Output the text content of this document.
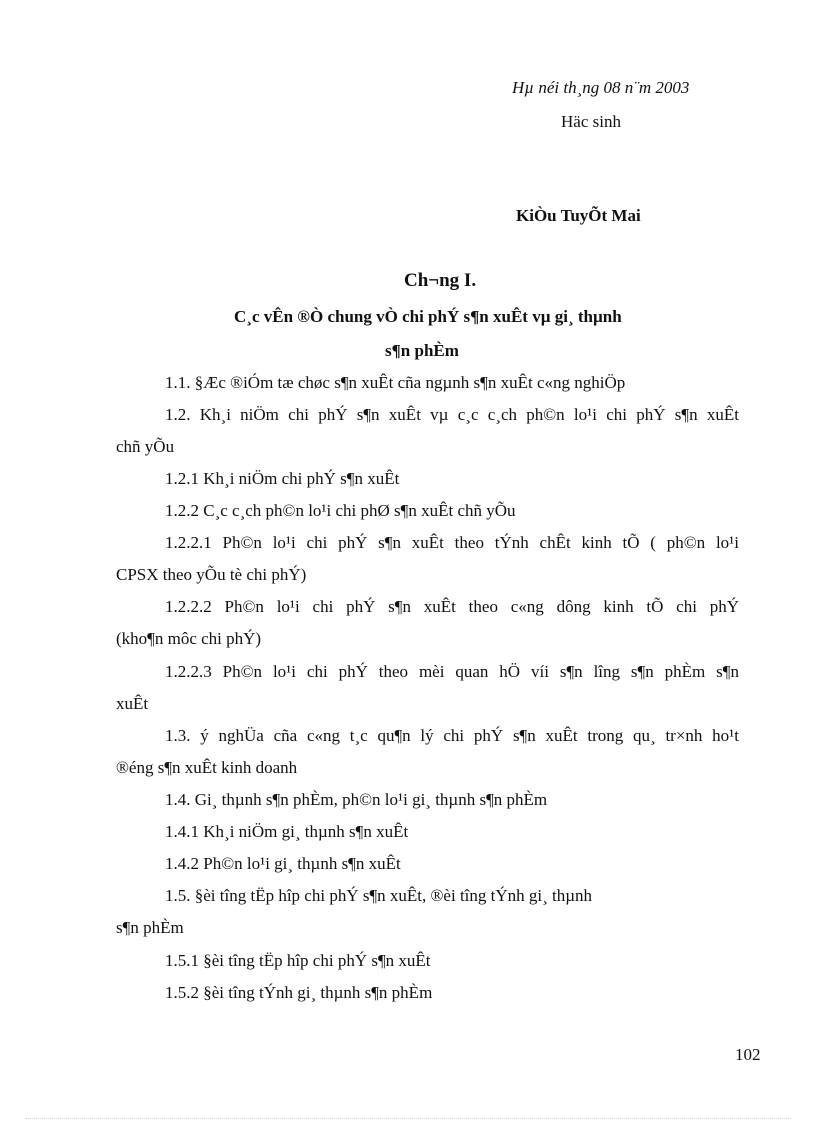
Hµ néi th¸ng 08 n¨m 2003
Häc sinh
KiÒu TuyÕt Mai
Ch¬ng I.
C¸c vÊn ®Ò chung vÒ chi phÝ s¶n xuÊt vµ gi¸ thµnh
s¶n phÈm
1.1. §Æc ®iÓm tæ chøc s¶n xuÊt cña ngµnh s¶n xuÊt c«ng nghiÖp
1.2. Kh¸i niÖm chi phÝ s¶n xuÊt vµ c¸c c¸ch ph©n lo¹i chi phÝ s¶n xuÊt
chñ yÕu
1.2.1 Kh¸i niÖm chi phÝ s¶n xuÊt
1.2.2 C¸c c¸ch ph©n lo¹i chi phØ s¶n xuÊt chñ yÕu
1.2.2.1 Ph©n lo¹i chi phÝ s¶n xuÊt theo tÝnh chÊt kinh tÕ ( ph©n lo¹i
CPSX theo yÕu tè chi phÝ)
1.2.2.2 Ph©n lo¹i chi phÝ s¶n xuÊt theo c«ng dông kinh tÕ chi phÝ
(kho¶n môc chi phÝ)
1.2.2.3 Ph©n lo¹i chi phÝ theo mèi quan hÖ víi s¶n lîng s¶n phÈm s¶n
xuÊt
1.3. ý nghÜa cña c«ng t¸c qu¶n lý chi phÝ s¶n xuÊt trong qu¸ tr×nh ho¹t
®éng s¶n xuÊt kinh doanh
1.4. Gi¸ thµnh s¶n phÈm, ph©n lo¹i gi¸ thµnh s¶n phÈm
1.4.1 Kh¸i niÖm gi¸ thµnh s¶n xuÊt
1.4.2 Ph©n lo¹i gi¸ thµnh s¶n xuÊt
1.5. §èi tîng tËp hîp chi phÝ s¶n xuÊt, ®èi tîng tÝnh gi¸ thµnh
s¶n phÈm
1.5.1 §èi tîng tËp hîp chi phÝ s¶n xuÊt
1.5.2 §èi tîng tÝnh gi¸ thµnh s¶n phÈm
102
